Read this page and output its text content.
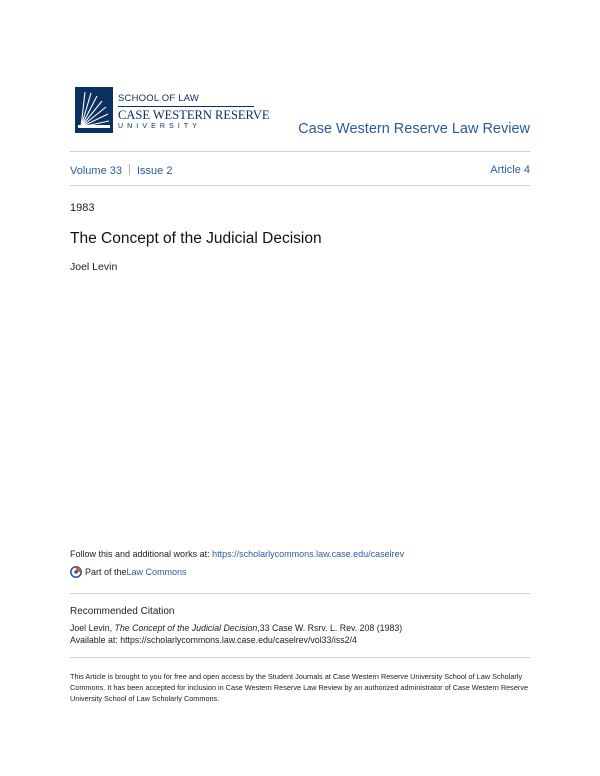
SCHOOL OF LAW
CASE WESTERN RESERVE
UNIVERSITY	Case Western Reserve Law Review
Volume 33 Issue 2	Article 4
1983
The Concept of the Judicial Decision
Joel Levin
Follow this and additional works at: https://scholarlycommons.law.case.edu/caselrev
Part of the Law Commons
Recommended Citation
Joel Levin, The Concept of the Judicial Decision,33 Case W. Rsrv. L. Rev. 208 (1983)
Available at: https://scholarlycommons.law.case.edu/caselrev/vol33/iss2/4
This Article is brought to you for free and open access by the Student Journals at Case Western Reserve University School of Law Scholarly Commons. It has been accepted for inclusion in Case Western Reserve Law Review by an authorized administrator of Case Western Reserve University School of Law Scholarly Commons.
